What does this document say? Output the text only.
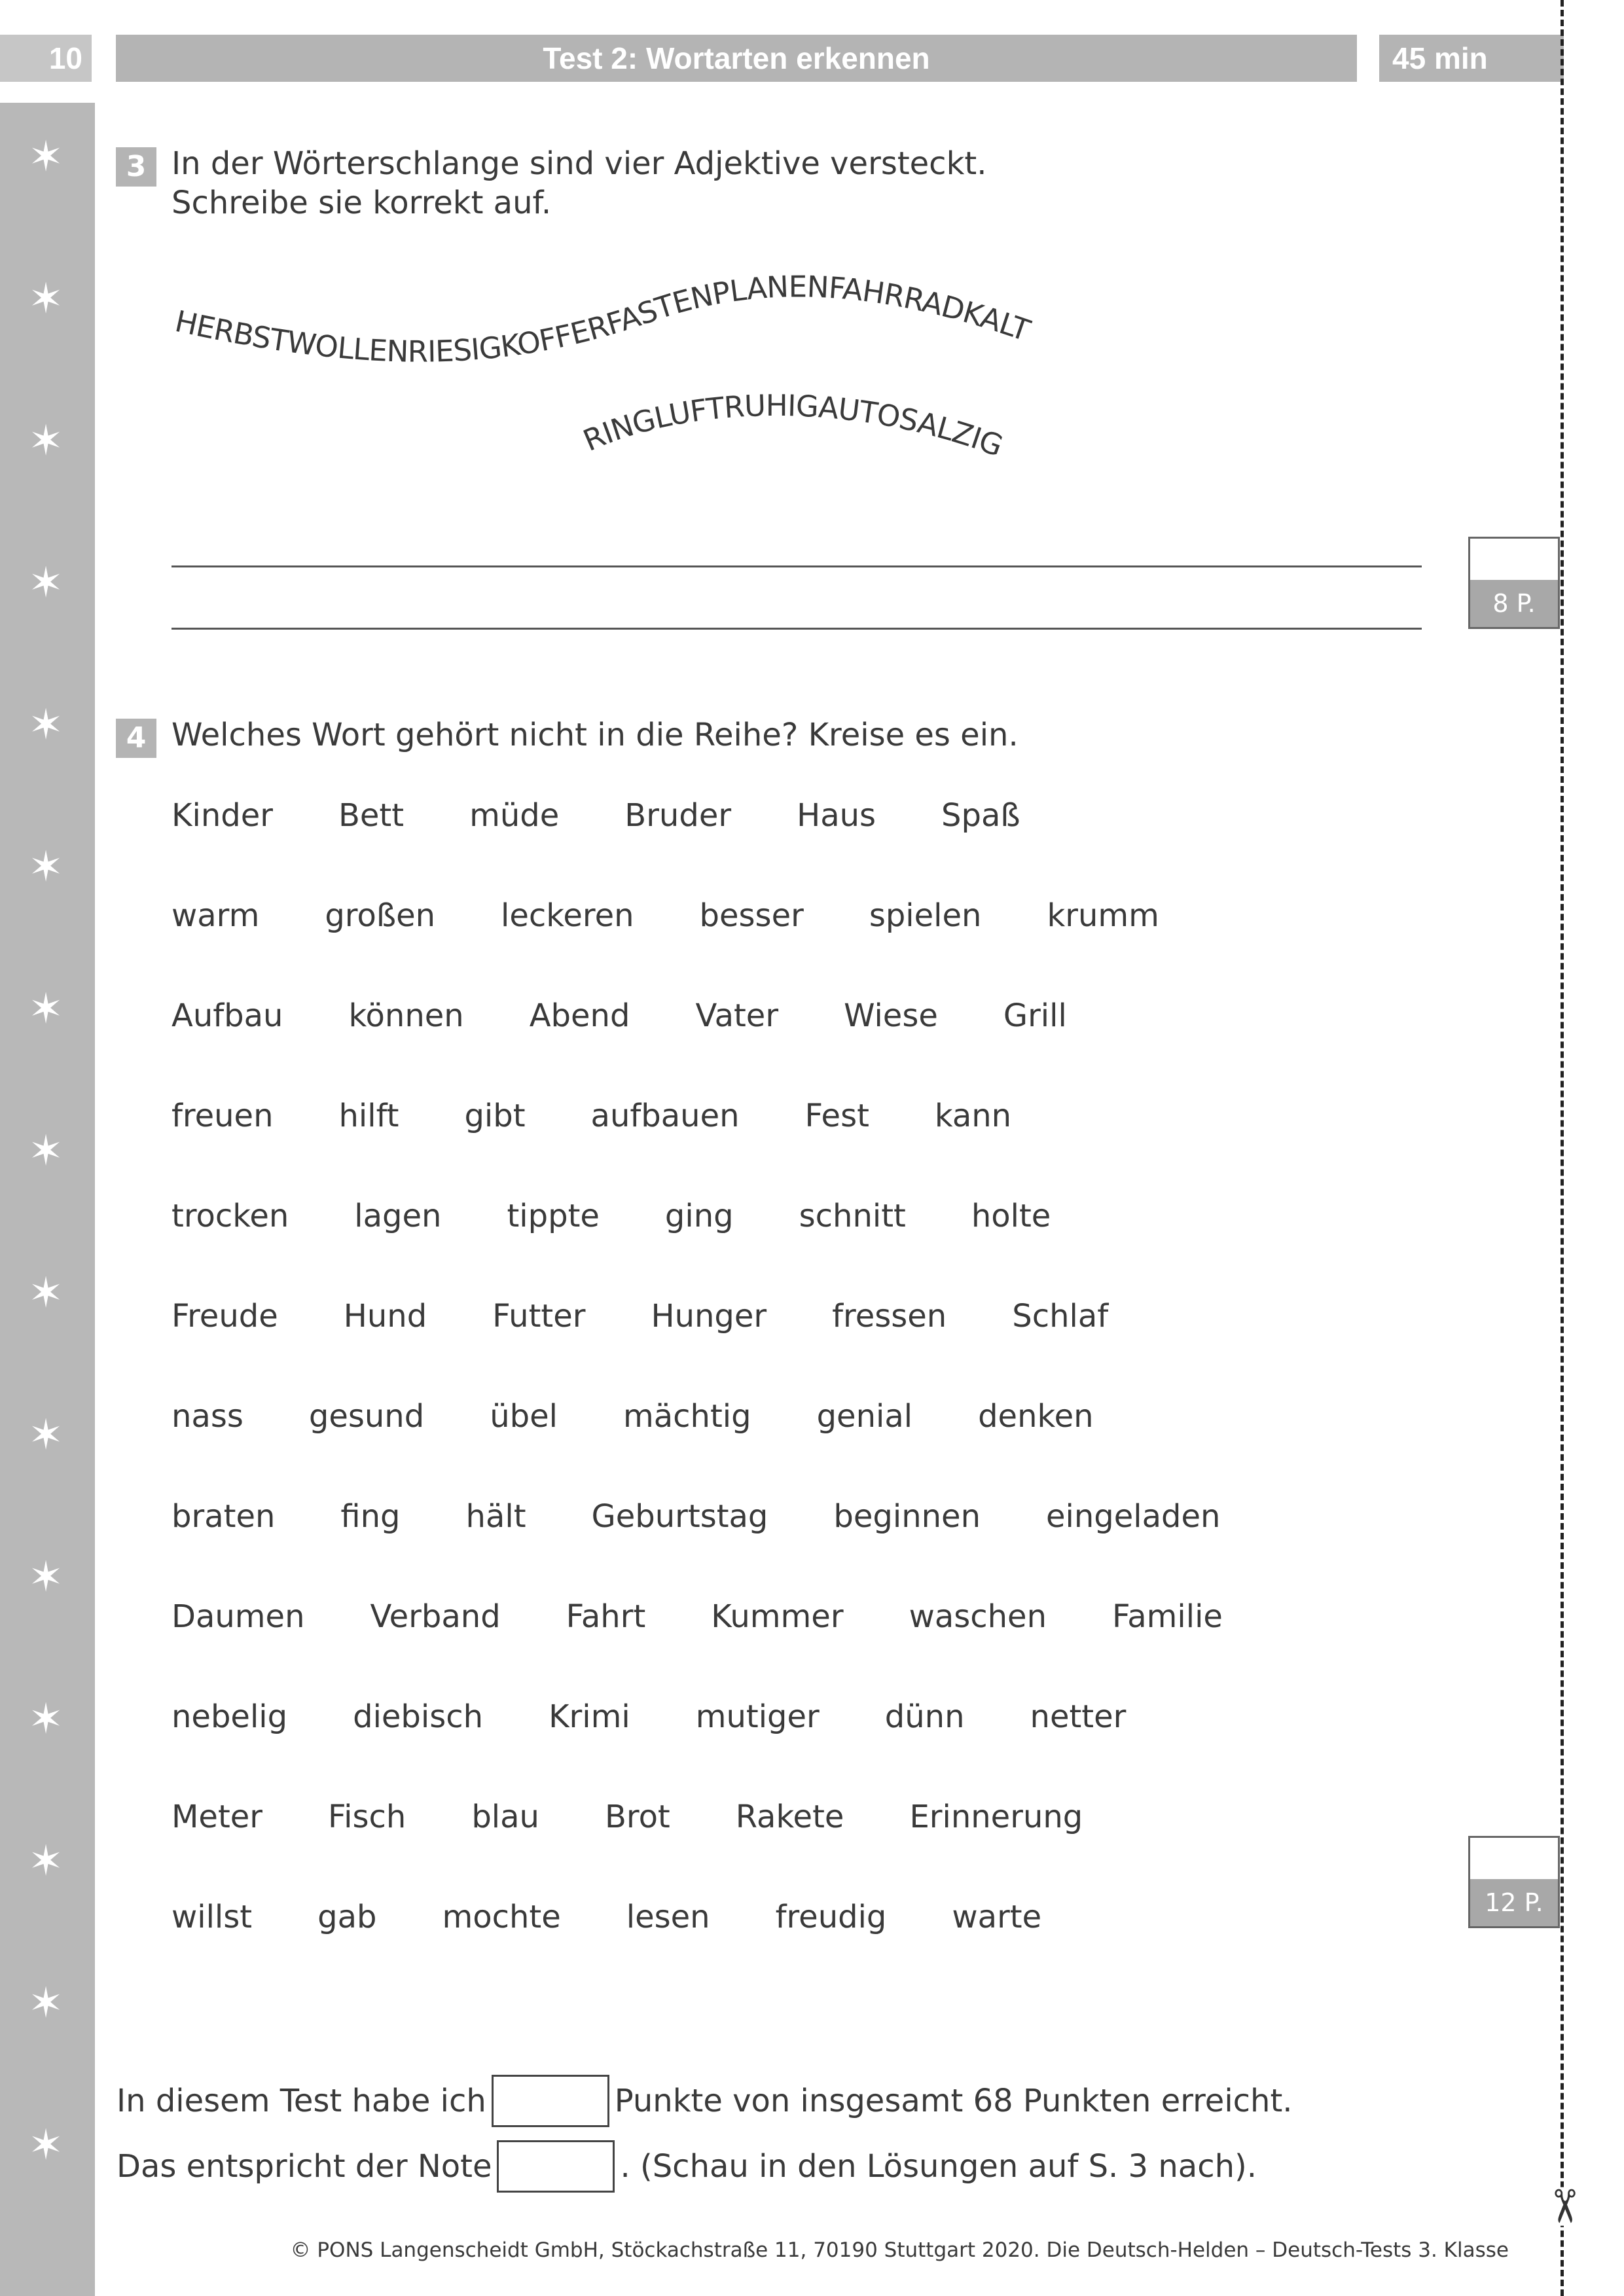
10	Test 2: Wortarten erkennen	45 min
✂
✶
✶
✶
✶
✶
✶
✶
✶
✶
✶
✶
✶
✶
✶
✶
3 In der Wörterschlange sind vier Adjektive versteckt.
Schreibe sie korrekt auf.
HERBSTWOLLENRIESIGKOFFERFASTENPLANENFAHRRADKALT
RINGLUFTRUHIGAUTOSALZIG
8 P.
4 Welches Wort gehört nicht in die Reihe? Kreise es ein.
Kinder Bett müde Bruder Haus Spaß
warm großen leckeren besser spielen krumm
Aufbau können Abend Vater Wiese Grill
freuen hilft gibt aufbauen Fest kann
trocken lagen tippte ging schnitt holte
Freude Hund Futter Hunger fressen Schlaf
nass gesund übel mächtig genial denken
braten fing hält Geburtstag beginnen eingeladen
Daumen Verband Fahrt Kummer waschen Familie
nebelig diebisch Krimi mutiger dünn netter
Meter Fisch blau Brot Rakete Erinnerung
willst gab mochte lesen freudig warte	12 P.
In diesem Test habe ich	Punkte von insgesamt 68 Punkten erreicht.
Das entspricht der Note	. (Schau in den Lösungen auf S. 3 nach).
© PONS Langenscheidt GmbH, Stöckachstraße 11, 70190 Stuttgart 2020. Die Deutsch-Helden – Deutsch-Tests 3. Klasse
